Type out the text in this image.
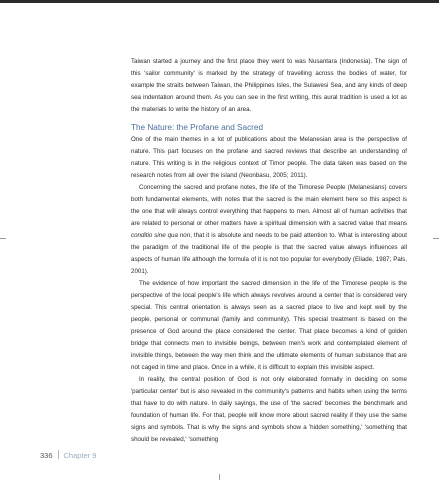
Taiwan started a journey and the first place they went to was Nusantara (Indonesia). The sign of this 'sailor community' is marked by the strategy of travelling across the bodies of water, for example the straits between Taiwan, the Philippines Isles, the Sulawesi Sea, and any kinds of deep sea indentation around them. As you can see in the first writing, this aural tradition is used a lot as the materials to write the history of an area.

The Nature: the Profane and Sacred

One of the main themes in a lot of publications about the Melanesian area is the perspective of nature. This part focuses on the profane and sacred reviews that describe an understanding of nature. This writing is in the religious context of Timor people. The data taken was based on the research notes from all over the island (Neonbasu, 2005; 2011).

Concerning the sacred and profane notes, the life of the Timorese People (Melanesians) covers both fundamental elements, with notes that the sacred is the main element here so this aspect is the one that will always control everything that happens to men. Almost all of human activities that are related to personal or other matters have a spiritual dimension with a sacred value that means conditio sine qua non, that it is absolute and needs to be paid attention to. What is interesting about the paradigm of the traditional life of the people is that the sacred value always influences all aspects of human life although the formula of it is not too popular for everybody (Eliade, 1987; Pals, 2001).

The evidence of how important the sacred dimension in the life of the Timorese people is the perspective of the local people's life which always revolves around a center that is considered very special. This central orientation is always seen as a sacred place to live and kept well by the people, personal or communal (family and community). This special treatment is based on the presence of God around the place considered the center. That place becomes a kind of golden bridge that connects men to invisible beings, between men's work and contemplated element of invisible things, between the way men think and the ultimate elements of human substance that are not caged in time and place. Once in a while, it is difficult to explain this invisible aspect.

In reality, the central position of God is not only elaborated formally in deciding on some 'particular center' but is also revealed in the community's patterns and habits when using the terms that have to do with nature. In daily sayings, the use of 'the sacred' becomes the benchmark and foundation of human life. For that, people will know more about sacred reality if they use the same signs and symbols. That is why the signs and symbols show a 'hidden something,' 'something that should be revealed,' 'something

336 Chapter 9
